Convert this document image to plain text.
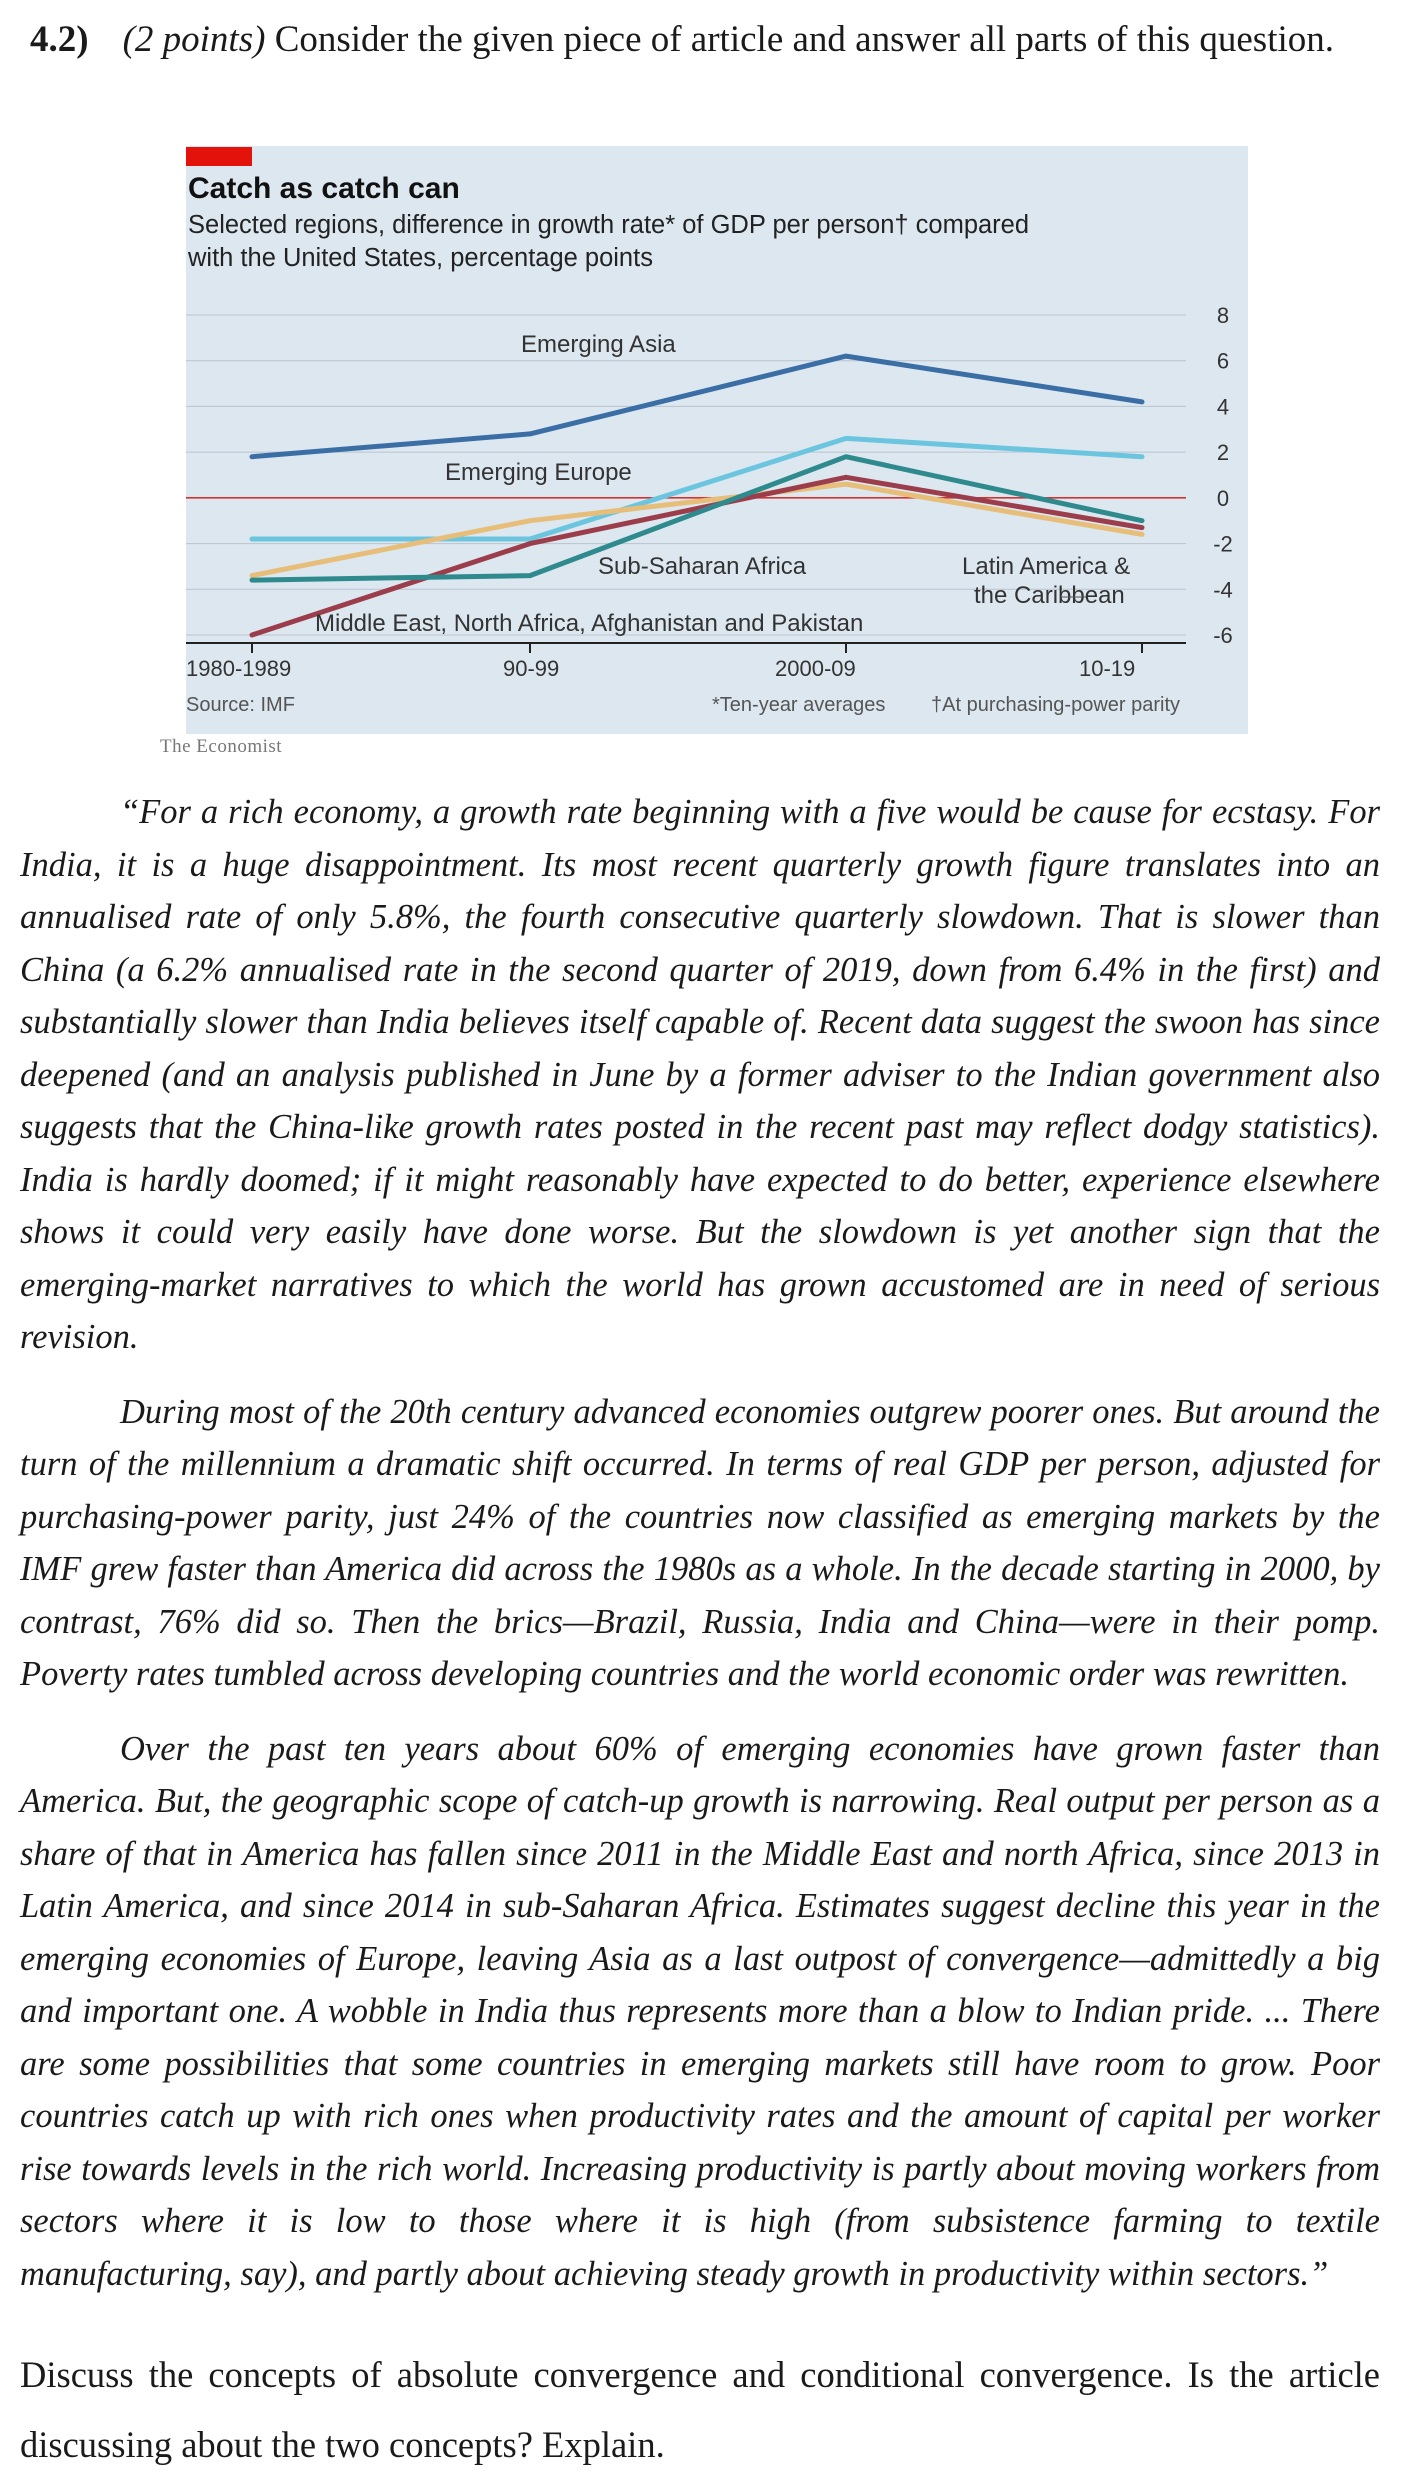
4.2) (2 points) Consider the given piece of article and answer all parts of this question.
Catch as catch can
Selected regions, difference in growth rate* of GDP per person† compared
with the United States, percentage points
8
6
4
2
0
-2
-4
-6
Emerging Asia
Emerging Europe
Sub-Saharan Africa	Latin America &
the Caribbean
Middle East, North Africa, Afghanistan and Pakistan
1980-1989	90-99	2000-09	10-19
Source: IMF	*Ten-year averages †At purchasing-power parity
The Economist

“For a rich economy, a growth rate beginning with a five would be cause for ecstasy. For India, it is a huge disappointment. Its most recent quarterly growth figure translates into an annualised rate of only 5.8%, the fourth consecutive quarterly slowdown. That is slower than China (a 6.2% annualised rate in the second quarter of 2019, down from 6.4% in the first) and substantially slower than India believes itself capable of. Recent data suggest the swoon has since deepened (and an analysis published in June by a former adviser to the Indian government also suggests that the China-like growth rates posted in the recent past may reflect dodgy statistics). India is hardly doomed; if it might reasonably have expected to do better, experience elsewhere shows it could very easily have done worse. But the slowdown is yet another sign that the emerging-market narratives to which the world has grown accustomed are in need of serious revision.

During most of the 20th century advanced economies outgrew poorer ones. But around the turn of the millennium a dramatic shift occurred. In terms of real GDP per person, adjusted for purchasing-power parity, just 24% of the countries now classified as emerging markets by the IMF grew faster than America did across the 1980s as a whole. In the decade starting in 2000, by contrast, 76% did so. Then the brics—Brazil, Russia, India and China—were in their pomp. Poverty rates tumbled across developing countries and the world economic order was rewritten.

Over the past ten years about 60% of emerging economies have grown faster than America. But, the geographic scope of catch-up growth is narrowing. Real output per person as a share of that in America has fallen since 2011 in the Middle East and north Africa, since 2013 in Latin America, and since 2014 in sub-Saharan Africa. Estimates suggest decline this year in the emerging economies of Europe, leaving Asia as a last outpost of convergence—admittedly a big and important one. A wobble in India thus represents more than a blow to Indian pride. ... There are some possibilities that some countries in emerging markets still have room to grow. Poor countries catch up with rich ones when productivity rates and the amount of capital per worker rise towards levels in the rich world. Increasing productivity is partly about moving workers from sectors where it is low to those where it is high (from subsistence farming to textile manufacturing, say), and partly about achieving steady growth in productivity within sectors.”

Discuss the concepts of absolute convergence and conditional convergence. Is the article discussing about the two concepts? Explain.
